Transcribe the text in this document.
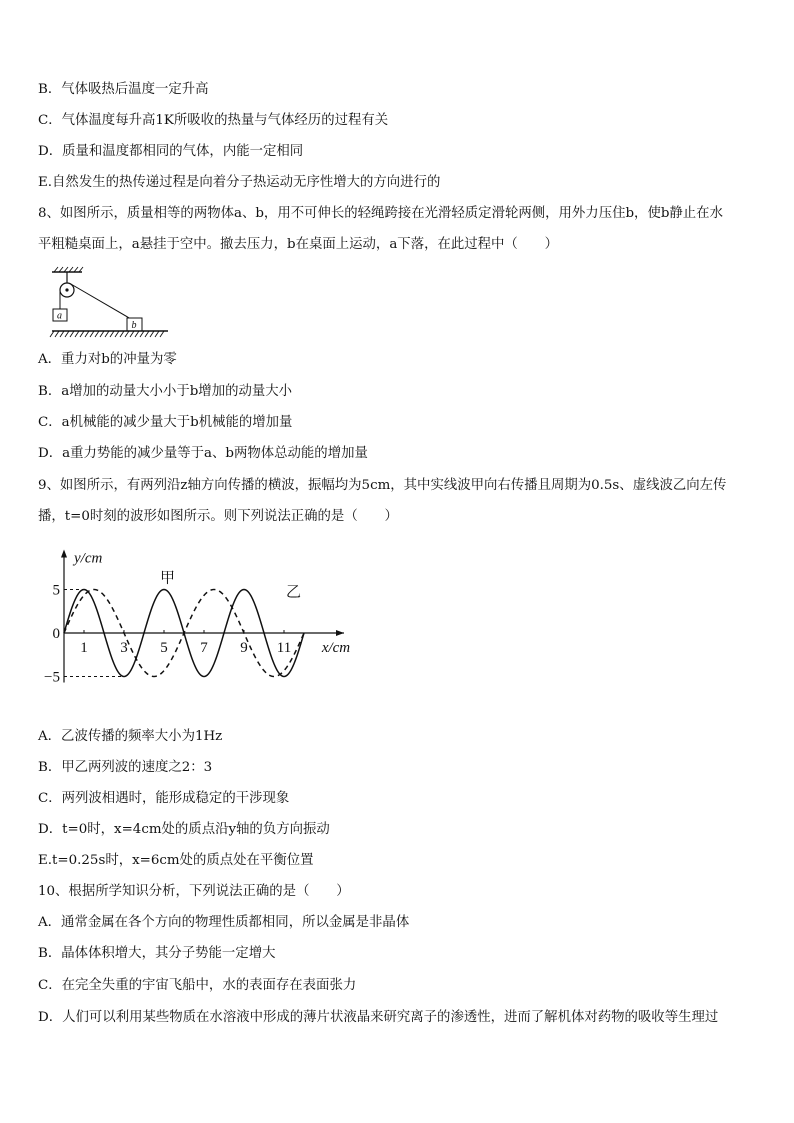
B．气体吸热后温度一定升高
C．气体温度每升高1K所吸收的热量与气体经历的过程有关
D．质量和温度都相同的气体，内能一定相同
E.自然发生的热传递过程是向着分子热运动无序性增大的方向进行的
8、如图所示，质量相等的两物体a、b，用不可伸长的轻绳跨接在光滑轻质定滑轮两侧，用外力压住b，使b静止在水
平粗糙桌面上，a悬挂于空中。撤去压力，b在桌面上运动，a下落，在此过程中（　　）
a
b
A．重力对b的冲量为零
B．a增加的动量大小小于b增加的动量大小
C．a机械能的减少量大于b机械能的增加量
D．a重力势能的减少量等于a、b两物体总动能的增加量
9、如图所示，有两列沿z轴方向传播的横波，振幅均为5cm，其中实线波甲向右传播且周期为0.5s、虚线波乙向左传
播，t=0时刻的波形如图所示。则下列说法正确的是（　　）
1 3 5 7 9 11
5
0
−5
y/cm
x/cm
甲
乙
A．乙波传播的频率大小为1Hz
B．甲乙两列波的速度之2：3
C．两列波相遇时，能形成稳定的干涉现象
D．t=0时，x=4cm处的质点沿y轴的负方向振动
E.t=0.25s时，x=6cm处的质点处在平衡位置
10、根据所学知识分析，下列说法正确的是（　　）
A．通常金属在各个方向的物理性质都相同，所以金属是非晶体
B．晶体体积增大，其分子势能一定增大
C．在完全失重的宇宙飞船中，水的表面存在表面张力
D．人们可以利用某些物质在水溶液中形成的薄片状液晶来研究离子的渗透性，进而了解机体对药物的吸收等生理过
